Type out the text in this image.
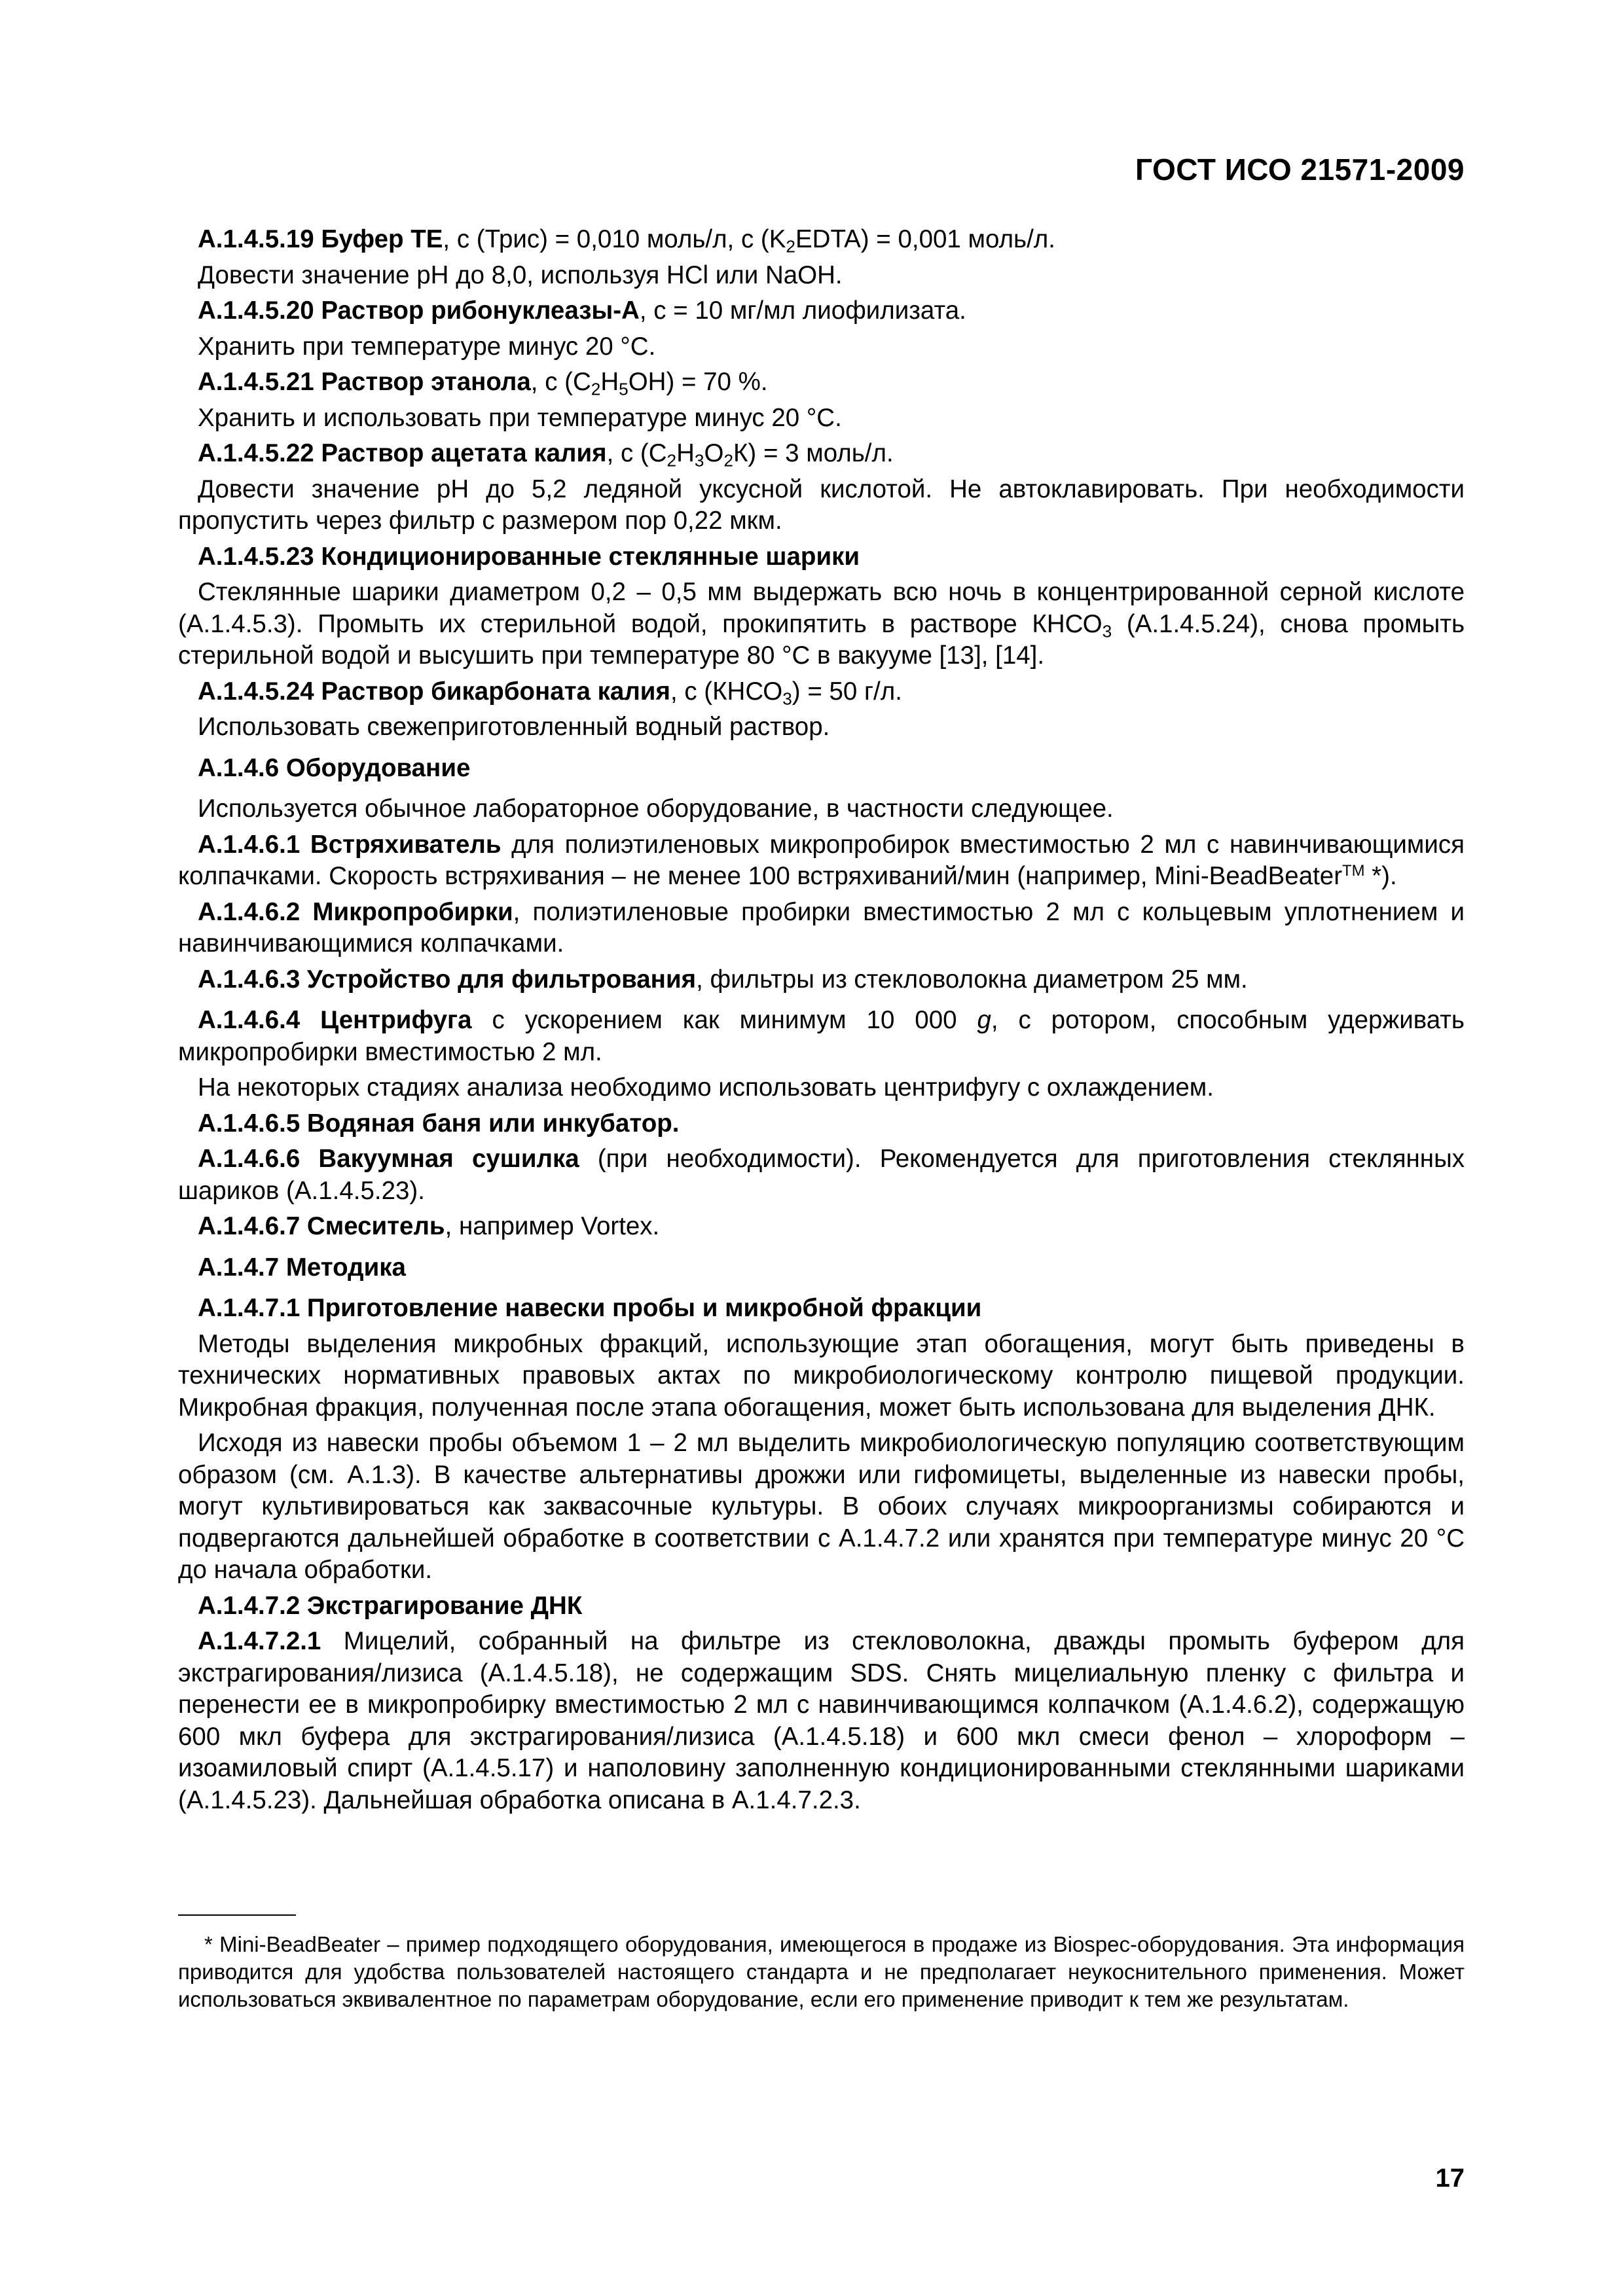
ГОСТ ИСО 21571-2009

А.1.4.5.19 Буфер ТЕ, с (Трис) = 0,010 моль/л, с $(K_2EDTA) = 0,001$ моль/л.

Довести значение pH до 8,0, используя HCl или NaOH.

А.1.4.5.20 Раствор рибонуклеазы-А, с = 10 мг/мл лиофилизата.

Хранить при температуре минус 20 °С.

А.1.4.5.21 Раствор этанола, с $(С_2Н_5ОН) = 70$ %.

Хранить и использовать при температуре минус 20 °С.

А.1.4.5.22 Раствор ацетата калия, с $(С_2Н_3О_2К) = 3$ моль/л.

Довести значение pH до 5,2 ледяной уксусной кислотой. Не автоклавировать. При необходимости пропустить через фильтр с размером пор 0,22 мкм.

А.1.4.5.23 Кондиционированные стеклянные шарики

Стеклянные шарики диаметром 0,2 – 0,5 мм выдержать всю ночь в концентрированной серной кислоте (А.1.4.5.3). Промыть их стерильной водой, прокипятить в растворе $КНСО_3$ (А.1.4.5.24), снова промыть стерильной водой и высушить при температуре 80 °С в вакууме [13], [14].

А.1.4.5.24 Раствор бикарбоната калия, с $(КНСО_3) = 50$ г/л.

Использовать свежеприготовленный водный раствор.

А.1.4.6 Оборудование

Используется обычное лабораторное оборудование, в частности следующее.

А.1.4.6.1 Встряхиватель для полиэтиленовых микропробирок вместимостью 2 мл с навинчивающимися колпачками. Скорость встряхивания – не менее 100 встряхиваний/мин (например, Mini-BeadBeater™ *).

А.1.4.6.2 Микропробирки, полиэтиленовые пробирки вместимостью 2 мл с кольцевым уплотнением и навинчивающимися колпачками.

А.1.4.6.3 Устройство для фильтрования, фильтры из стекловолокна диаметром 25 мм.

А.1.4.6.4 Центрифуга с ускорением как минимум 10 000 g, с ротором, способным удерживать микропробирки вместимостью 2 мл.

На некоторых стадиях анализа необходимо использовать центрифугу с охлаждением.

А.1.4.6.5 Водяная баня или инкубатор.

А.1.4.6.6 Вакуумная сушилка (при необходимости). Рекомендуется для приготовления стеклянных шариков (А.1.4.5.23).

А.1.4.6.7 Смеситель, например Vortex.

А.1.4.7 Методика

А.1.4.7.1 Приготовление навески пробы и микробной фракции

Методы выделения микробных фракций, использующие этап обогащения, могут быть приведены в технических нормативных правовых актах по микробиологическому контролю пищевой продукции. Микробная фракция, полученная после этапа обогащения, может быть использована для выделения ДНК.

Исходя из навески пробы объемом 1 – 2 мл выделить микробиологическую популяцию соответствующим образом (см. А.1.3). В качестве альтернативы дрожжи или гифомицеты, выделенные из навески пробы, могут культивироваться как заквасочные культуры. В обоих случаях микроорганизмы собираются и подвергаются дальнейшей обработке в соответствии с А.1.4.7.2 или хранятся при температуре минус 20 °С до начала обработки.

А.1.4.7.2 Экстрагирование ДНК

А.1.4.7.2.1 Мицелий, собранный на фильтре из стекловолокна, дважды промыть буфером для экстрагирования/лизиса (А.1.4.5.18), не содержащим SDS. Снять мицелиальную пленку с фильтра и перенести ее в микропробирку вместимостью 2 мл с навинчивающимся колпачком (А.1.4.6.2), содержащую 600 мкл буфера для экстрагирования/лизиса (А.1.4.5.18) и 600 мкл смеси фенол – хлороформ – изоамиловый спирт (А.1.4.5.17) и наполовину заполненную кондиционированными стеклянными шариками (А.1.4.5.23). Дальнейшая обработка описана в А.1.4.7.2.3.

* Mini-BeadBeater – пример подходящего оборудования, имеющегося в продаже из Biospec-оборудования. Эта информация приводится для удобства пользователей настоящего стандарта и не предполагает неукоснительного применения. Может использоваться эквивалентное по параметрам оборудование, если его применение приводит к тем же результатам.
17
